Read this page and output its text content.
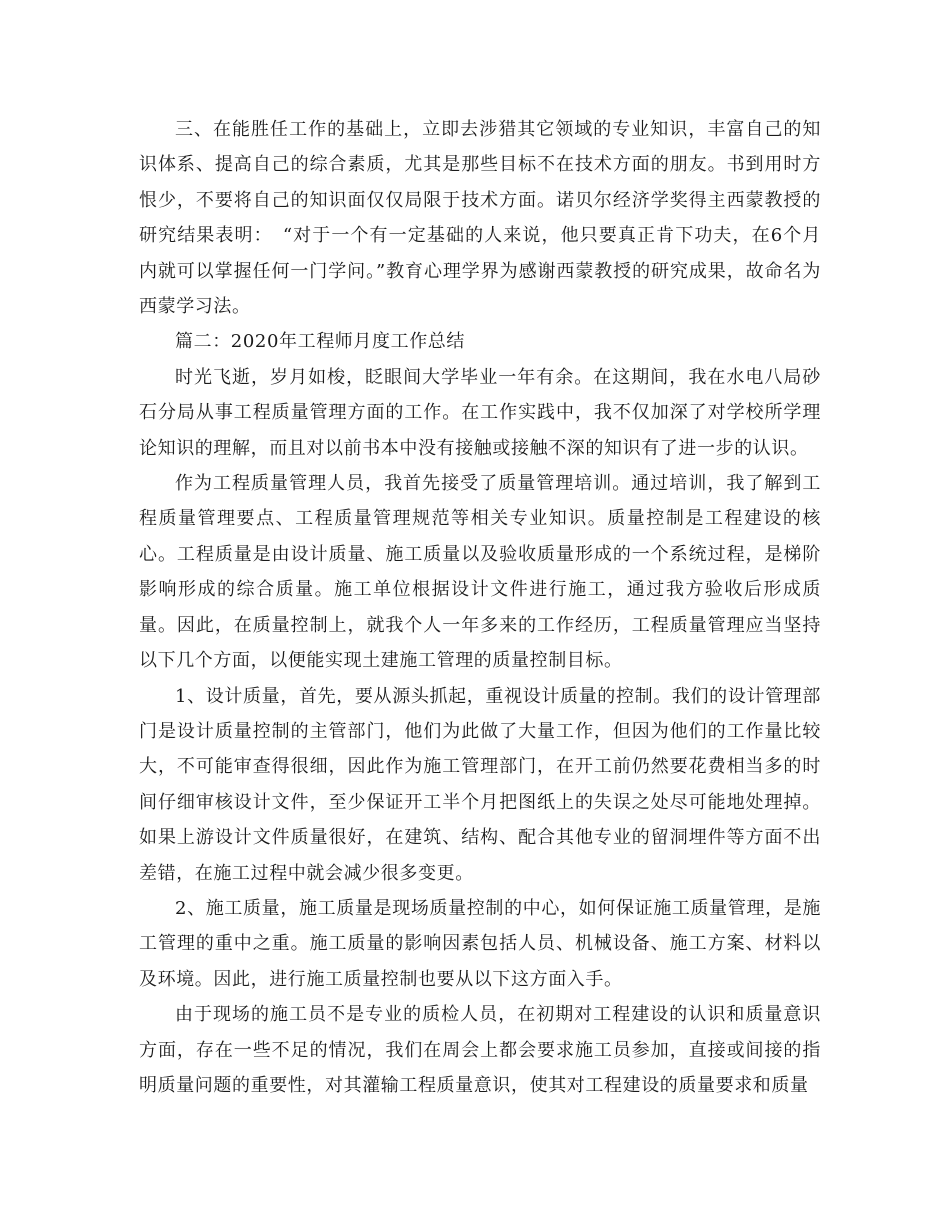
三、在能胜任工作的基础上，立即去涉猎其它领域的专业知识，丰富自己的知识体系、提高自己的综合素质，尤其是那些目标不在技术方面的朋友。书到用时方恨少，不要将自己的知识面仅仅局限于技术方面。诺贝尔经济学奖得主西蒙教授的研究结果表明：　“对于一个有一定基础的人来说，他只要真正肯下功夫，在6个月内就可以掌握任何一门学问。”教育心理学界为感谢西蒙教授的研究成果，故命名为西蒙学习法。

篇二：2020年工程师月度工作总结

时光飞逝，岁月如梭，眨眼间大学毕业一年有余。在这期间，我在水电八局砂石分局从事工程质量管理方面的工作。在工作实践中，我不仅加深了对学校所学理论知识的理解，而且对以前书本中没有接触或接触不深的知识有了进一步的认识。

作为工程质量管理人员，我首先接受了质量管理培训。通过培训，我了解到工程质量管理要点、工程质量管理规范等相关专业知识。质量控制是工程建设的核心。工程质量是由设计质量、施工质量以及验收质量形成的一个系统过程，是梯阶影响形成的综合质量。施工单位根据设计文件进行施工，通过我方验收后形成质量。因此，在质量控制上，就我个人一年多来的工作经历，工程质量管理应当坚持以下几个方面，以便能实现土建施工管理的质量控制目标。

1、设计质量，首先，要从源头抓起，重视设计质量的控制。我们的设计管理部门是设计质量控制的主管部门，他们为此做了大量工作，但因为他们的工作量比较大，不可能审查得很细，因此作为施工管理部门，在开工前仍然要花费相当多的时间仔细审核设计文件，至少保证开工半个月把图纸上的失误之处尽可能地处理掉。如果上游设计文件质量很好，在建筑、结构、配合其他专业的留洞埋件等方面不出差错，在施工过程中就会减少很多变更。

2、施工质量，施工质量是现场质量控制的中心，如何保证施工质量管理，是施工管理的重中之重。施工质量的影响因素包括人员、机械设备、施工方案、材料以及环境。因此，进行施工质量控制也要从以下这方面入手。

由于现场的施工员不是专业的质检人员，在初期对工程建设的认识和质量意识方面，存在一些不足的情况，我们在周会上都会要求施工员参加，直接或间接的指明质量问题的重要性，对其灌输工程质量意识，使其对工程建设的质量要求和质量
